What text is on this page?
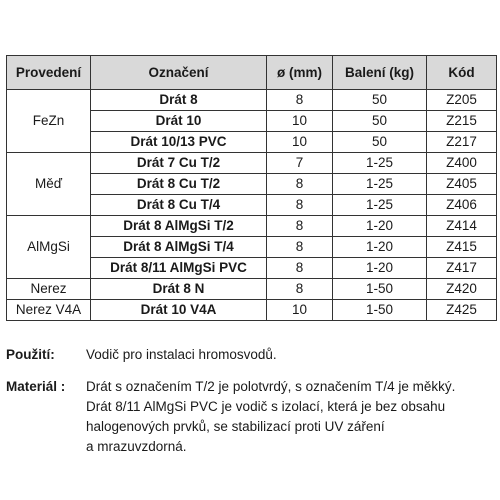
Provedení	Označení	ø (mm)	Balení (kg)	Kód
FeZn	Drát 8	8	50	Z205
	Drát 10	10	50	Z215
	Drát 10/13 PVC	10	50	Z217
Měď	Drát 7 Cu T/2	7	1-25	Z400
	Drát 8 Cu T/2	8	1-25	Z405
	Drát 8 Cu T/4	8	1-25	Z406
AlMgSi	Drát 8 AlMgSi T/2	8	1-20	Z414
	Drát 8 AlMgSi T/4	8	1-20	Z415
	Drát 8/11 AlMgSi PVC	8	1-20	Z417
Nerez	Drát 8 N	8	1-50	Z420
Nerez V4A	Drát 10 V4A	10	1-50	Z425
Použití: Vodič pro instalaci hromosvodů.
Materiál : Drát s označením T/2 je polotvrdý, s označením T/4 je měkký.
Drát 8/11 AlMgSi PVC je vodič s izolací, která je bez obsahu
halogenových prvků, se stabilizací proti UV záření
a mrazuvzdorná.
